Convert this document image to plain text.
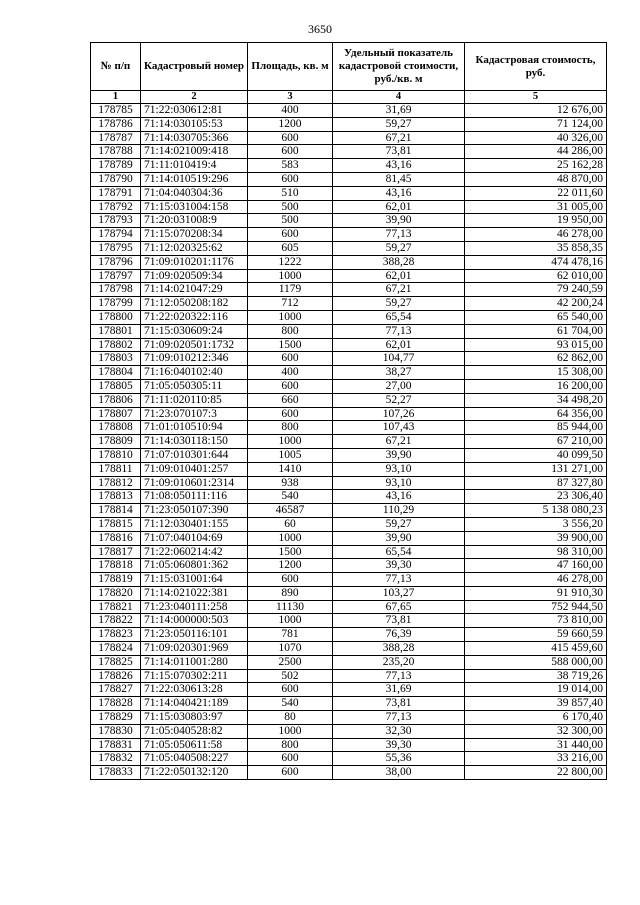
3650
№ п/п	Кадастровый номер	Площадь, кв. м	Удельный показатель кадастровой стоимости, руб./кв. м	Кадастровая стоимость, руб.
1	2	3	4	5
178785	71:22:030612:81	400	31,69	12 676,00
178786	71:14:030105:53	1200	59,27	71 124,00
178787	71:14:030705:366	600	67,21	40 326,00
178788	71:14:021009:418	600	73,81	44 286,00
178789	71:11:010419:4	583	43,16	25 162,28
178790	71:14:010519:296	600	81,45	48 870,00
178791	71:04:040304:36	510	43,16	22 011,60
178792	71:15:031004:158	500	62,01	31 005,00
178793	71:20:031008:9	500	39,90	19 950,00
178794	71:15:070208:34	600	77,13	46 278,00
178795	71:12:020325:62	605	59,27	35 858,35
178796	71:09:010201:1176	1222	388,28	474 478,16
178797	71:09:020509:34	1000	62,01	62 010,00
178798	71:14:021047:29	1179	67,21	79 240,59
178799	71:12:050208:182	712	59,27	42 200,24
178800	71:22:020322:116	1000	65,54	65 540,00
178801	71:15:030609:24	800	77,13	61 704,00
178802	71:09:020501:1732	1500	62,01	93 015,00
178803	71:09:010212:346	600	104,77	62 862,00
178804	71:16:040102:40	400	38,27	15 308,00
178805	71:05:050305:11	600	27,00	16 200,00
178806	71:11:020110:85	660	52,27	34 498,20
178807	71:23:070107:3	600	107,26	64 356,00
178808	71:01:010510:94	800	107,43	85 944,00
178809	71:14:030118:150	1000	67,21	67 210,00
178810	71:07:010301:644	1005	39,90	40 099,50
178811	71:09:010401:257	1410	93,10	131 271,00
178812	71:09:010601:2314	938	93,10	87 327,80
178813	71:08:050111:116	540	43,16	23 306,40
178814	71:23:050107:390	46587	110,29	5 138 080,23
178815	71:12:030401:155	60	59,27	3 556,20
178816	71:07:040104:69	1000	39,90	39 900,00
178817	71:22:060214:42	1500	65,54	98 310,00
178818	71:05:060801:362	1200	39,30	47 160,00
178819	71:15:031001:64	600	77,13	46 278,00
178820	71:14:021022:381	890	103,27	91 910,30
178821	71:23:040111:258	11130	67,65	752 944,50
178822	71:14:000000:503	1000	73,81	73 810,00
178823	71:23:050116:101	781	76,39	59 660,59
178824	71:09:020301:969	1070	388,28	415 459,60
178825	71:14:011001:280	2500	235,20	588 000,00
178826	71:15:070302:211	502	77,13	38 719,26
178827	71:22:030613:28	600	31,69	19 014,00
178828	71:14:040421:189	540	73,81	39 857,40
178829	71:15:030803:97	80	77,13	6 170,40
178830	71:05:040528:82	1000	32,30	32 300,00
178831	71:05:050611:58	800	39,30	31 440,00
178832	71:05:040508:227	600	55,36	33 216,00
178833	71:22:050132:120	600	38,00	22 800,00
